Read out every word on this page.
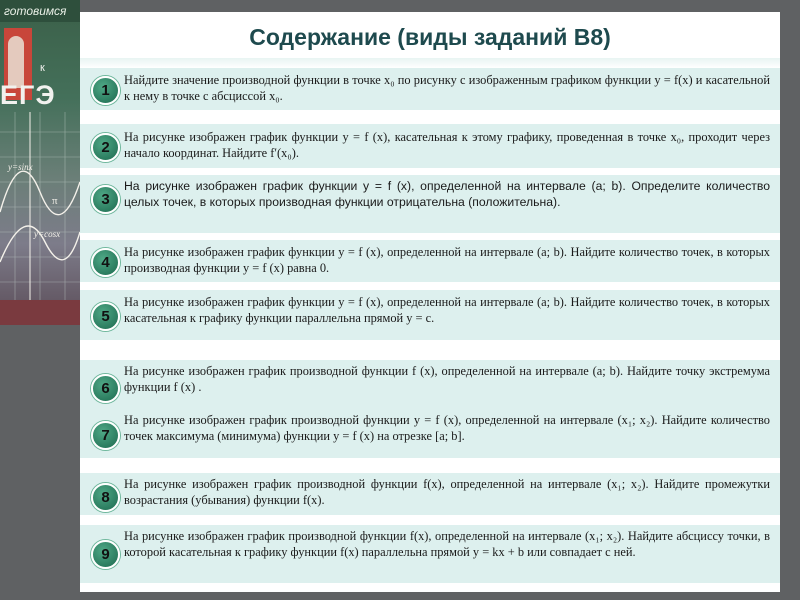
готовимся
к
ЕГЭ
y=sinx
y=cosx
π
Содержание (виды заданий В8)
1
Найдите значение производной функции в точке x₀ по рисунку с изображенным графиком функции y = f(x) и касательной к нему в точке с абсциссой x₀.
2
На рисунке изображен график функции y = f (x), касательная к этому графику, проведенная в точке x₀, проходит через начало координат. Найдите f′(x₀).
3
На рисунке изображен график функции y = f (x), определенной на интервале (a; b). Определите количество целых точек, в которых производная функции отрицательна (положительна).
4
На рисунке изображен график функции y = f (x), определенной на интервале (a; b). Найдите количество точек, в которых производная функции y = f (x) равна 0.
5
На рисунке изображен график функции y = f (x), определенной на интервале (a; b). Найдите количество точек, в которых касательная к графику функции параллельна прямой y = c.
6
На рисунке изображен график производной функции f (x), определенной на интервале (a; b). Найдите точку экстремума функции f (x) .
7
На рисунке изображен график производной функции y = f (x), определенной на интервале (x₁; x₂). Найдите количество точек максимума (минимума) функции y = f (x) на отрезке [a; b].
8
На рисунке изображен график производной функции f(x), определенной на интервале (x₁; x₂). Найдите промежутки возрастания (убывания) функции f(x).
9
На рисунке изображен график производной функции f(x), определенной на интервале (x₁; x₂). Найдите абсциссу точки, в которой касательная к графику функции f(x) параллельна прямой y = kx + b или совпадает с ней.
